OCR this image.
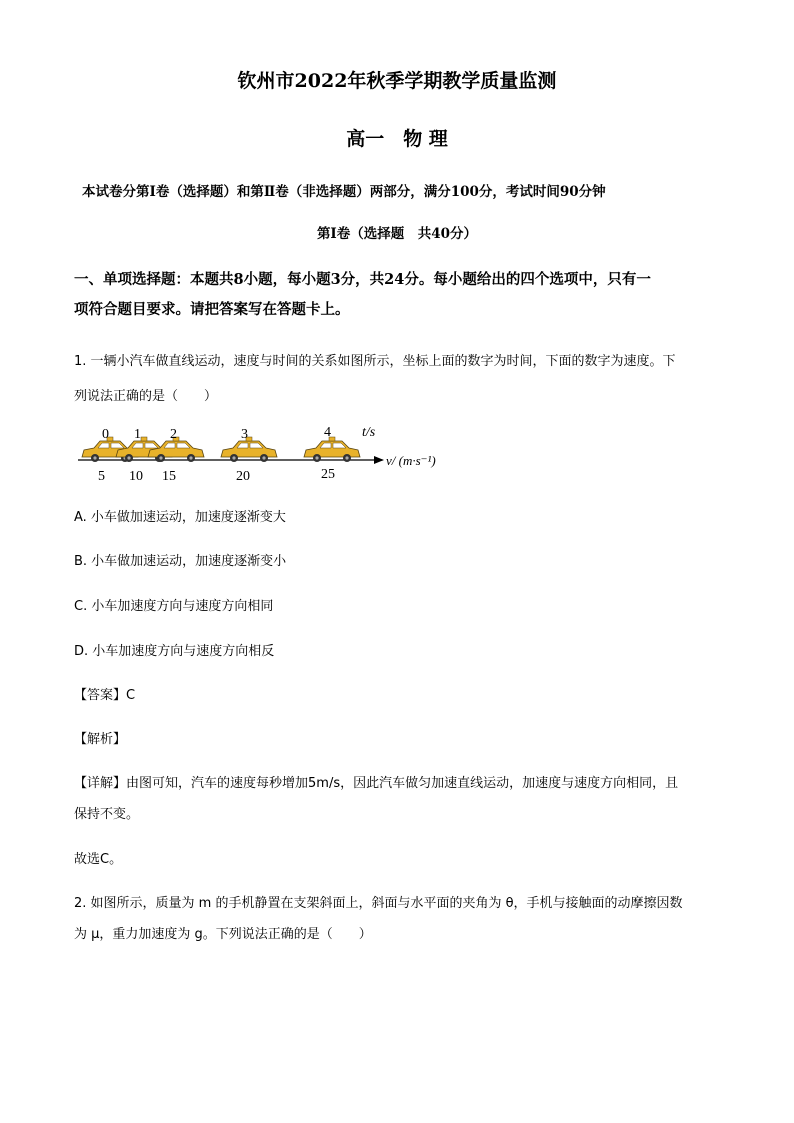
钦州市2022年秋季学期教学质量监测
高一　物 理
本试卷分第Ⅰ卷（选择题）和第Ⅱ卷（非选择题）两部分，满分100分，考试时间90分钟
第Ⅰ卷（选择题　共40分）
一、单项选择题：本题共8小题，每小题3分，共24分。每小题给出的四个选项中，只有一
项符合题目要求。请把答案写在答题卡上。
1. 一辆小汽车做直线运动，速度与时间的关系如图所示，坐标上面的数字为时间，下面的数字为速度。下
列说法正确的是（　　）
0 1 2	3	4 t/s
5 10 15	20	25
v/ (m·s⁻¹)
A. 小车做加速运动，加速度逐渐变大
B. 小车做加速运动，加速度逐渐变小
C. 小车加速度方向与速度方向相同
D. 小车加速度方向与速度方向相反
【答案】C
【解析】
【详解】由图可知，汽车的速度每秒增加5m/s，因此汽车做匀加速直线运动，加速度与速度方向相同，且
保持不变。
故选C。
2. 如图所示，质量为 m 的手机静置在支架斜面上，斜面与水平面的夹角为 θ，手机与接触面的动摩擦因数
为 μ，重力加速度为 g。下列说法正确的是（　　）
